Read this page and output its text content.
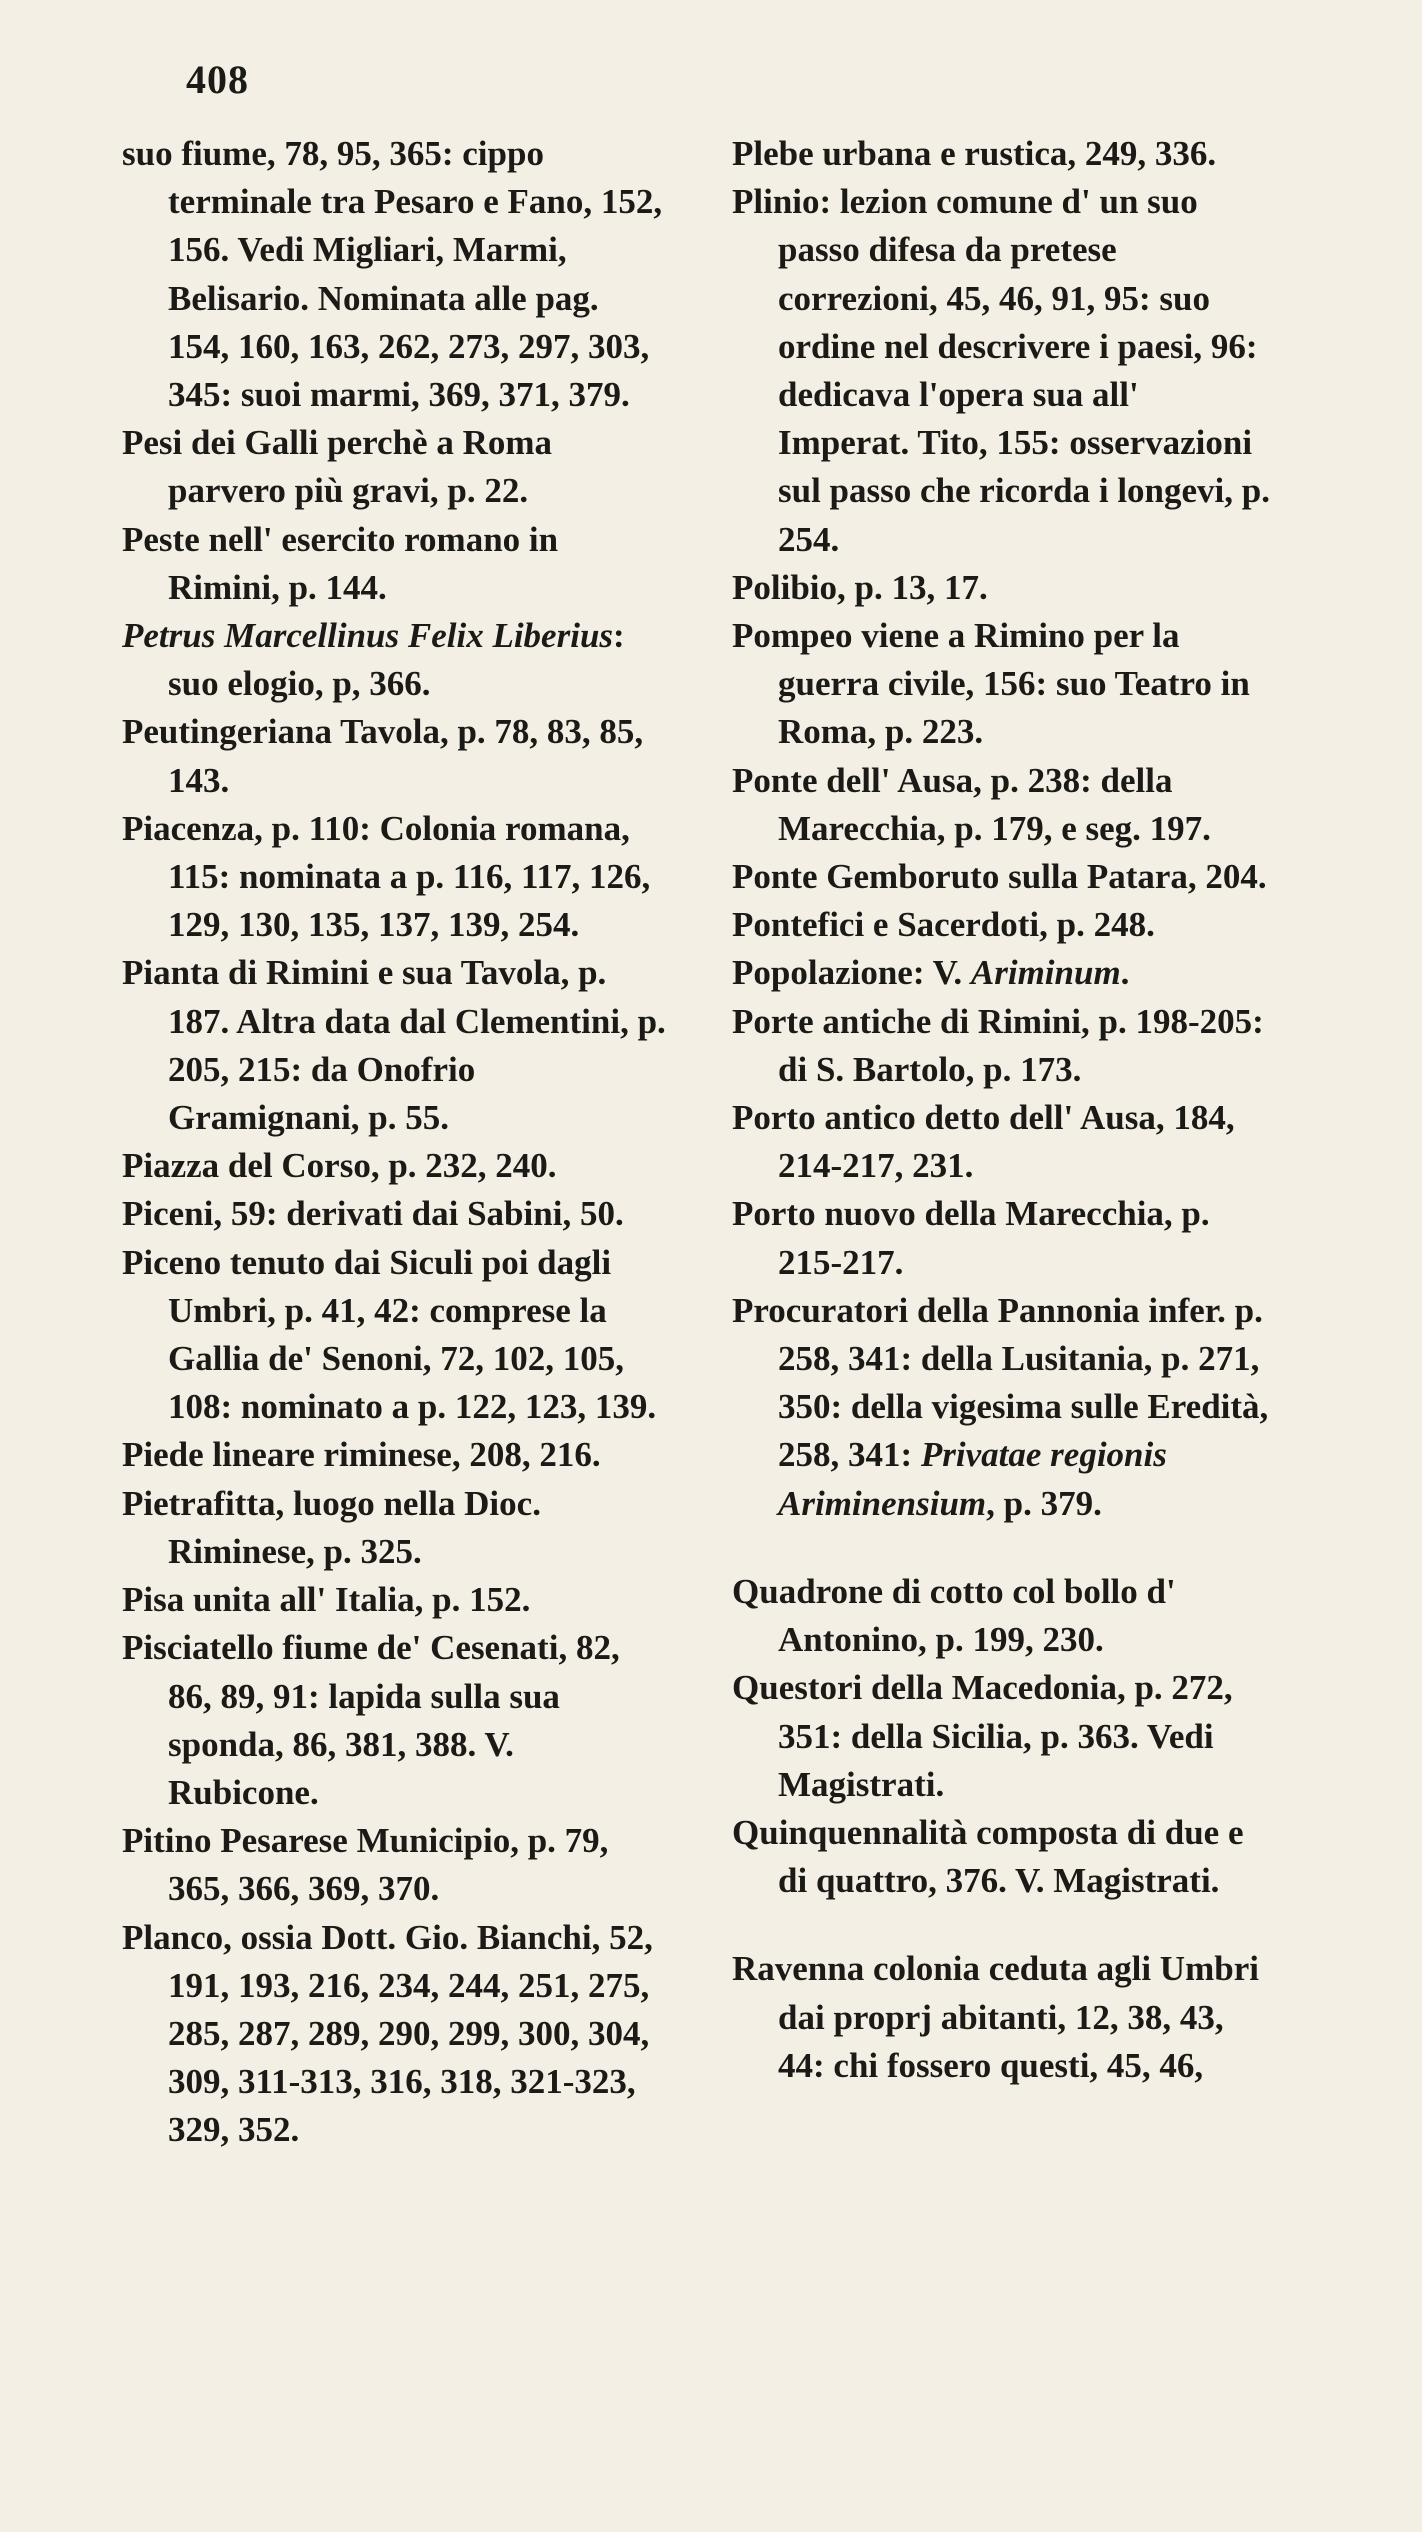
408

suo fiume, 78, 95, 365: cippo terminale tra Pesaro e Fano, 152, 156. Vedi Migliari, Marmi, Belisario. Nominata alle pag. 154, 160, 163, 262, 273, 297, 303, 345: suoi marmi, 369, 371, 379.

Pesi dei Galli perchè a Roma parvero più gravi, p. 22.

Peste nell' esercito romano in Rimini, p. 144.

Petrus Marcellinus Felix Liberius: suo elogio, p, 366.

Peutingeriana Tavola, p. 78, 83, 85, 143.

Piacenza, p. 110: Colonia romana, 115: nominata a p. 116, 117, 126, 129, 130, 135, 137, 139, 254.

Pianta di Rimini e sua Tavola, p. 187. Altra data dal Clementini, p. 205, 215: da Onofrio Gramignani, p. 55.

Piazza del Corso, p. 232, 240.

Piceni, 59: derivati dai Sabini, 50.

Piceno tenuto dai Siculi poi dagli Umbri, p. 41, 42: comprese la Gallia de' Senoni, 72, 102, 105, 108: nominato a p. 122, 123, 139.

Piede lineare riminese, 208, 216.

Pietrafitta, luogo nella Dioc. Riminese, p. 325.

Pisa unita all' Italia, p. 152.

Pisciatello fiume de' Cesenati, 82, 86, 89, 91: lapida sulla sua sponda, 86, 381, 388. V. Rubicone.

Pitino Pesarese Municipio, p. 79, 365, 366, 369, 370.

Planco, ossia Dott. Gio. Bianchi, 52, 191, 193, 216, 234, 244, 251, 275, 285, 287, 289, 290, 299, 300, 304, 309, 311-313, 316, 318, 321-323, 329, 352.

Plebe urbana e rustica, 249, 336.

Plinio: lezion comune d' un suo passo difesa da pretese correzioni, 45, 46, 91, 95: suo ordine nel descrivere i paesi, 96: dedicava l'opera sua all' Imperat. Tito, 155: osservazioni sul passo che ricorda i longevi, p. 254.

Polibio, p. 13, 17.

Pompeo viene a Rimino per la guerra civile, 156: suo Teatro in Roma, p. 223.

Ponte dell' Ausa, p. 238: della Marecchia, p. 179, e seg. 197.

Ponte Gemboruto sulla Patara, 204.

Pontefici e Sacerdoti, p. 248.

Popolazione: V. Ariminum.

Porte antiche di Rimini, p. 198-205: di S. Bartolo, p. 173.

Porto antico detto dell' Ausa, 184, 214-217, 231.

Porto nuovo della Marecchia, p. 215-217.

Procuratori della Pannonia infer. p. 258, 341: della Lusitania, p. 271, 350: della vigesima sulle Eredità, 258, 341: Privatae regionis Ariminensium, p. 379.

Quadrone di cotto col bollo d' Antonino, p. 199, 230.

Questori della Macedonia, p. 272, 351: della Sicilia, p. 363. Vedi Magistrati.

Quinquennalità composta di due e di quattro, 376. V. Magistrati.

Ravenna colonia ceduta agli Umbri dai proprj abitanti, 12, 38, 43, 44: chi fossero questi, 45, 46,
